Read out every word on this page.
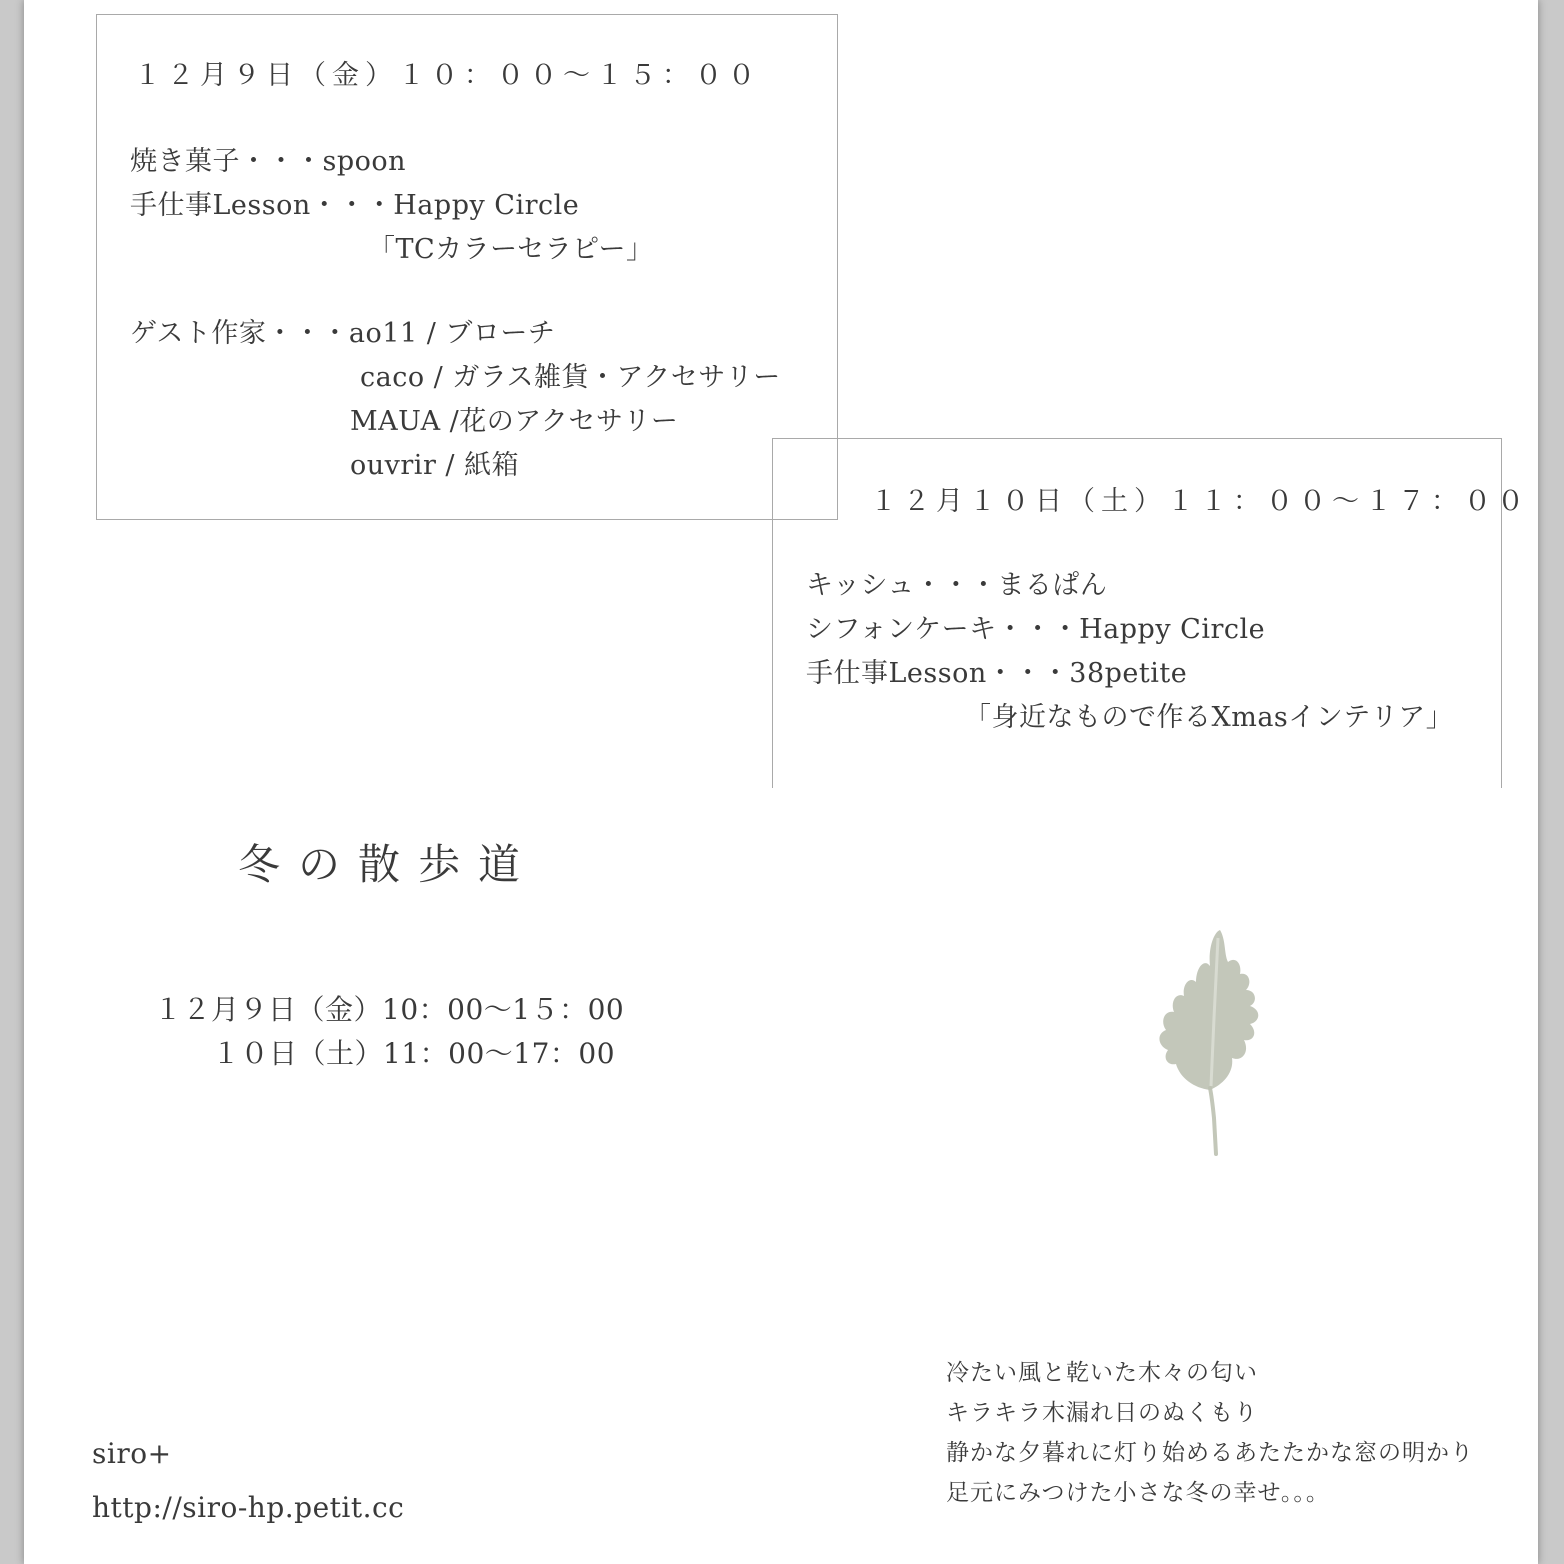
１２月９日（金）１０：００〜１５：００
焼き菓子・・・spoon
手仕事Lesson・・・Happy Circle
「TCカラーセラピー」
ゲスト作家・・・ao11 / ブローチ
caco / ガラス雑貨・アクセサリー
MAUA /花のアクセサリー
ouvrir / 紙箱
１２月１０日（土）１１：００〜１７：００
キッシュ・・・まるぱん
シフォンケーキ・・・Happy Circle
手仕事Lesson・・・38petite
「身近なもので作るXmasインテリア」
冬の散歩道
１２月９日（金）10：00〜1５：00
１０日（土）11：00〜17：00
siro+
http://siro-hp.petit.cc
冷たい風と乾いた木々の匂い
キラキラ木漏れ日のぬくもり
静かな夕暮れに灯り始めるあたたかな窓の明かり
足元にみつけた小さな冬の幸せ。。。
